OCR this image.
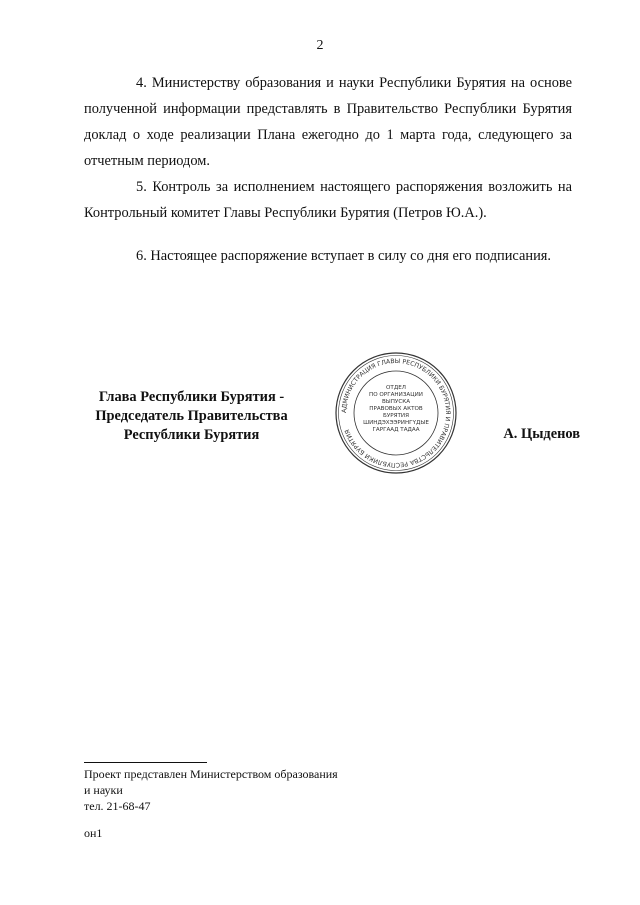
2

4. Министерству образования и науки Республики Бурятия на основе полученной информации представлять в Правительство Республики Бурятия доклад о ходе реализации Плана ежегодно до 1 марта года, следующего за отчетным периодом.

5. Контроль за исполнением настоящего распоряжения возложить на Контрольный комитет Главы Республики Бурятия (Петров Ю.А.).

6. Настоящее распоряжение вступает в силу со дня его подписания.

Глава Республики Бурятия -
Председатель Правительства
Республики Бурятия
АДМИНИСТРАЦИЯ ГЛАВЫ РЕСПУБЛИКИ БУРЯТИЯ И ПРАВИТЕЛЬСТВА РЕСПУБЛИКИ БУРЯТИЯ
ОТДЕЛ
ПО ОРГАНИЗАЦИИ
ВЫПУСКА
ПРАВОВЫХ АКТОВ
БУРЯТИЯ
ШИНДЭХЭЭРИНГҮДЫЕ
ГАРГААД ТАДАА	А. Цыденов
Проект представлен Министерством образования
и науки
тел. 21-68-47
он1
